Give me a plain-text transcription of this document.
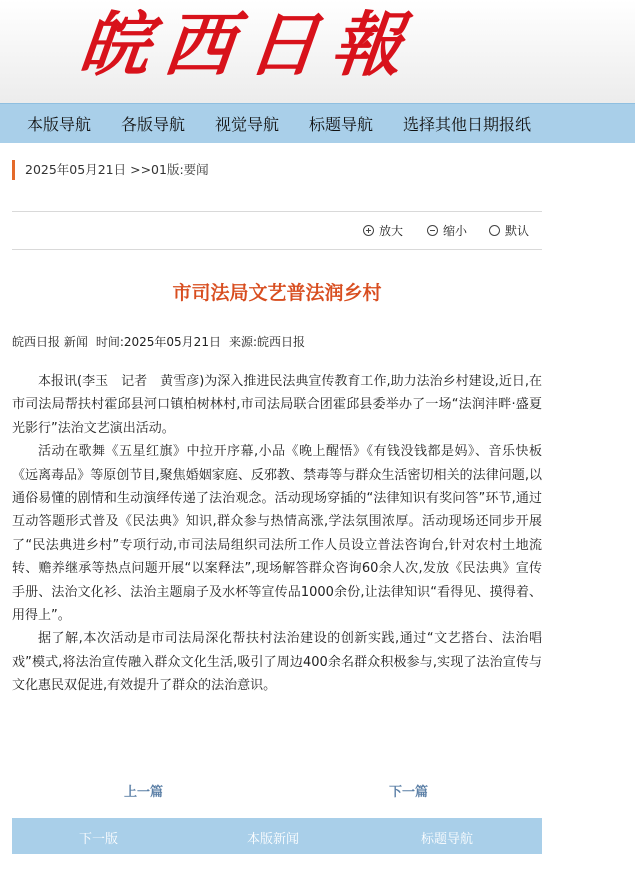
皖西日報
本版导航 各版导航 视觉导航 标题导航 选择其他日期报纸
2025年05月21日 >>01版:要闻
放大	缩小	默认
市司法局文艺普法润乡村
皖西日报 新闻 时间:2025年05月21日 来源:皖西日报

本报讯(李玉　记者　黄雪彦)为深入推进民法典宣传教育工作,助力法治乡村建设,近日,在市司法局帮扶村霍邱县河口镇柏树林村,市司法局联合团霍邱县委举办了一场“法润沣畔·盛夏光影行”法治文艺演出活动。

活动在歌舞《五星红旗》中拉开序幕,小品《晚上醒悟》《有钱没钱都是妈》、音乐快板《远离毒品》等原创节目,聚焦婚姻家庭、反邪教、禁毒等与群众生活密切相关的法律问题,以通俗易懂的剧情和生动演绎传递了法治观念。活动现场穿插的“法律知识有奖问答”环节,通过互动答题形式普及《民法典》知识,群众参与热情高涨,学法氛围浓厚。活动现场还同步开展了“民法典进乡村”专项行动,市司法局组织司法所工作人员设立普法咨询台,针对农村土地流转、赡养继承等热点问题开展“以案释法”,现场解答群众咨询60余人次,发放《民法典》宣传手册、法治文化衫、法治主题扇子及水杯等宣传品1000余份,让法律知识“看得见、摸得着、用得上”。

据了解,本次活动是市司法局深化帮扶村法治建设的创新实践,通过“文艺搭台、法治唱戏”模式,将法治宣传融入群众文化生活,吸引了周边400余名群众积极参与,实现了法治宣传与文化惠民双促进,有效提升了群众的法治意识。

上一篇	下一篇
下一版	本版新闻	标题导航
